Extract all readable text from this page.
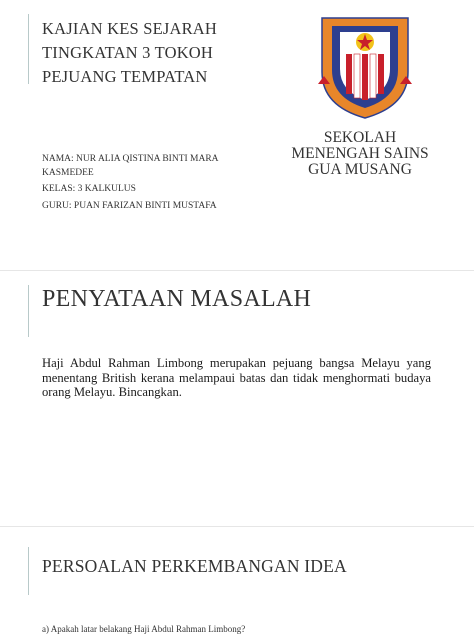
KAJIAN KES SEJARAH
TINGKATAN 3 TOKOH
PEJUANG TEMPATAN
SEKOLAH
MENENGAH SAINS
GUA MUSANG
NAMA: NUR ALIA QISTINA BINTI MARA KASMEDEE
KELAS: 3 KALKULUS
GURU: PUAN FARIZAN BINTI MUSTAFA
PENYATAAN MASALAH
Haji Abdul Rahman Limbong merupakan pejuang bangsa Melayu yang menentang British kerana melampaui batas dan tidak menghormati budaya orang Melayu. Bincangkan.
PERSOALAN PERKEMBANGAN IDEA
a) Apakah latar belakang Haji Abdul Rahman Limbong?
